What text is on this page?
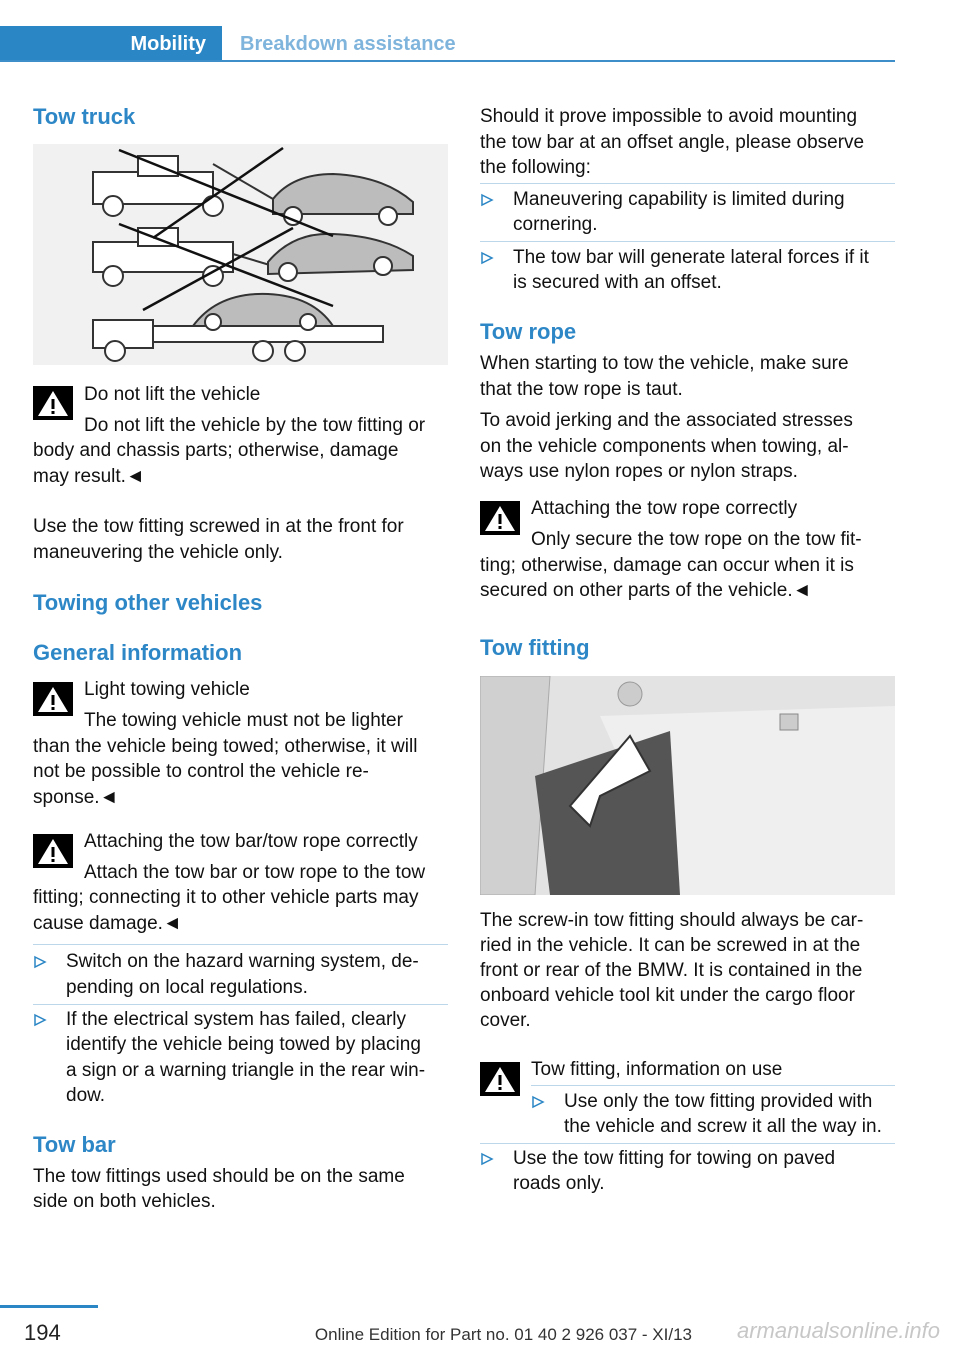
Mobility Breakdown assistance
Tow truck
Do not lift the vehicle
Do not lift the vehicle by the tow fitting or
body and chassis parts; otherwise, damage
may result.◄
Use the tow fitting screwed in at the front for
maneuvering the vehicle only.
Towing other vehicles
General information
Light towing vehicle
The towing vehicle must not be lighter
than the vehicle being towed; otherwise, it will
not be possible to control the vehicle re‐
sponse.◄
Attaching the tow bar/tow rope correctly
Attach the tow bar or tow rope to the tow
fitting; connecting it to other vehicle parts may
cause damage.◄
Switch on the hazard warning system, de‐
pending on local regulations.
If the electrical system has failed, clearly
identify the vehicle being towed by placing
a sign or a warning triangle in the rear win‐
dow.
Tow bar
The tow fittings used should be on the same
side on both vehicles.
Should it prove impossible to avoid mounting
the tow bar at an offset angle, please observe
the following:
Maneuvering capability is limited during
cornering.
The tow bar will generate lateral forces if it
is secured with an offset.
Tow rope
When starting to tow the vehicle, make sure
that the tow rope is taut.
To avoid jerking and the associated stresses
on the vehicle components when towing, al‐
ways use nylon ropes or nylon straps.
Attaching the tow rope correctly
Only secure the tow rope on the tow fit‐
ting; otherwise, damage can occur when it is
secured on other parts of the vehicle.◄
Tow fitting
The screw-in tow fitting should always be car‐
ried in the vehicle. It can be screwed in at the
front or rear of the BMW. It is contained in the
onboard vehicle tool kit under the cargo floor
cover.
Tow fitting, information on use
Use only the tow fitting provided with
the vehicle and screw it all the way in.
Use the tow fitting for towing on paved
roads only.
194	Online Edition for Part no. 01 40 2 926 037 - XI/13 armanualsonline.info
